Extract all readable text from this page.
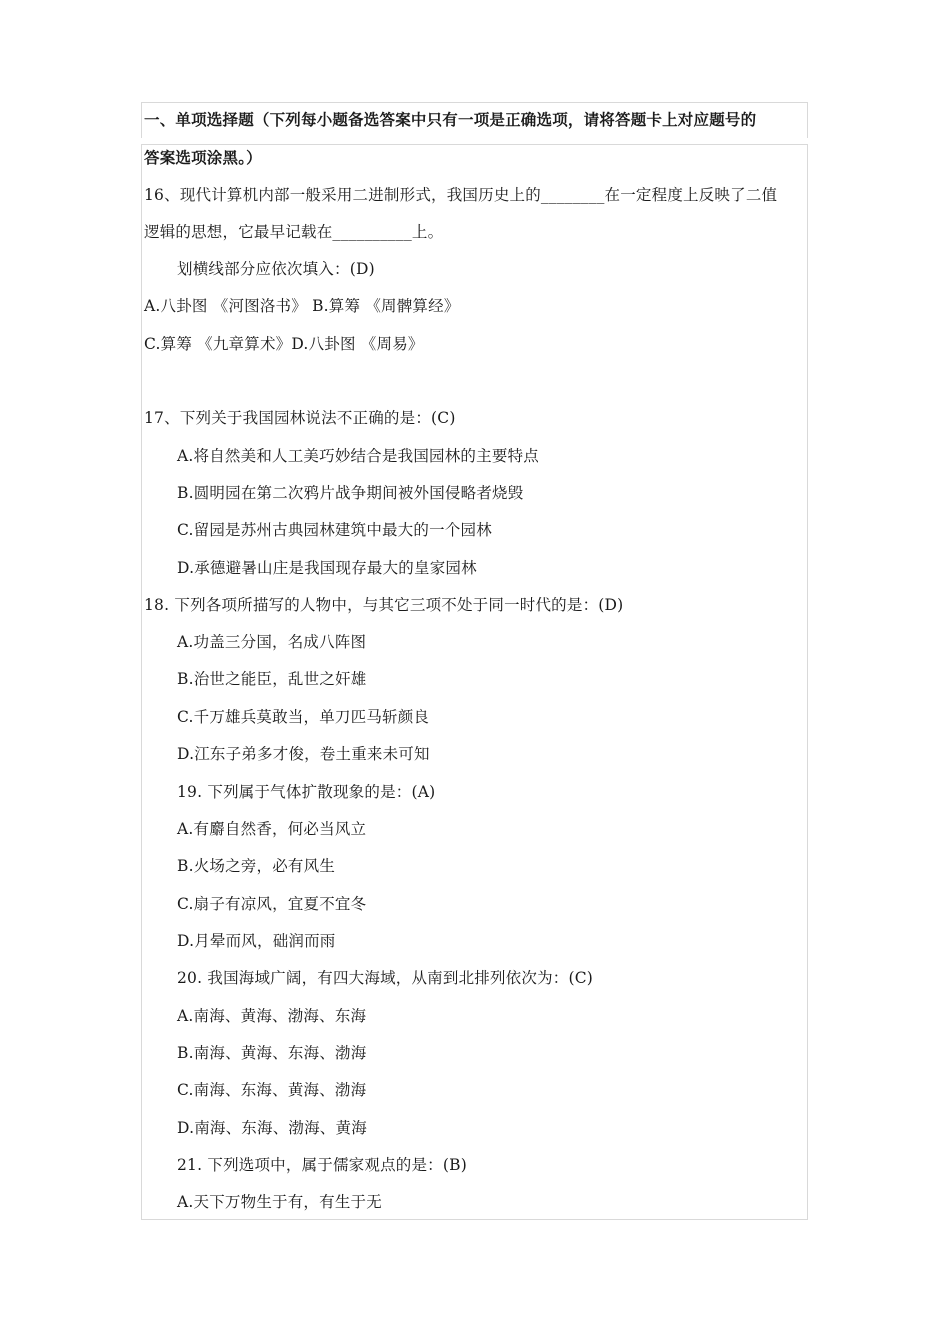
一、单项选择题（下列每小题备选答案中只有一项是正确选项，请将答题卡上对应题号的
答案选项涂黑。）
16、现代计算机内部一般采用二进制形式，我国历史上的________在一定程度上反映了二值
逻辑的思想，它最早记载在__________上。
划横线部分应依次填入：(D)
A.八卦图 《河图洛书》 B.算筹 《周髀算经》
C.算筹 《九章算术》D.八卦图 《周易》
17、下列关于我国园林说法不正确的是：(C)
A.将自然美和人工美巧妙结合是我国园林的主要特点
B.圆明园在第二次鸦片战争期间被外国侵略者烧毁
C.留园是苏州古典园林建筑中最大的一个园林
D.承德避暑山庄是我国现存最大的皇家园林
18. 下列各项所描写的人物中，与其它三项不处于同一时代的是：(D)
A.功盖三分国，名成八阵图
B.治世之能臣，乱世之奸雄
C.千万雄兵莫敢当，单刀匹马斩颜良
D.江东子弟多才俊，卷土重来未可知
19. 下列属于气体扩散现象的是：(A)
A.有麝自然香，何必当风立
B.火场之旁，必有风生
C.扇子有凉风，宜夏不宜冬
D.月晕而风，础润而雨
20. 我国海域广阔，有四大海域，从南到北排列依次为：(C)
A.南海、黄海、渤海、东海
B.南海、黄海、东海、渤海
C.南海、东海、黄海、渤海
D.南海、东海、渤海、黄海
21. 下列选项中，属于儒家观点的是：(B)
A.天下万物生于有，有生于无
